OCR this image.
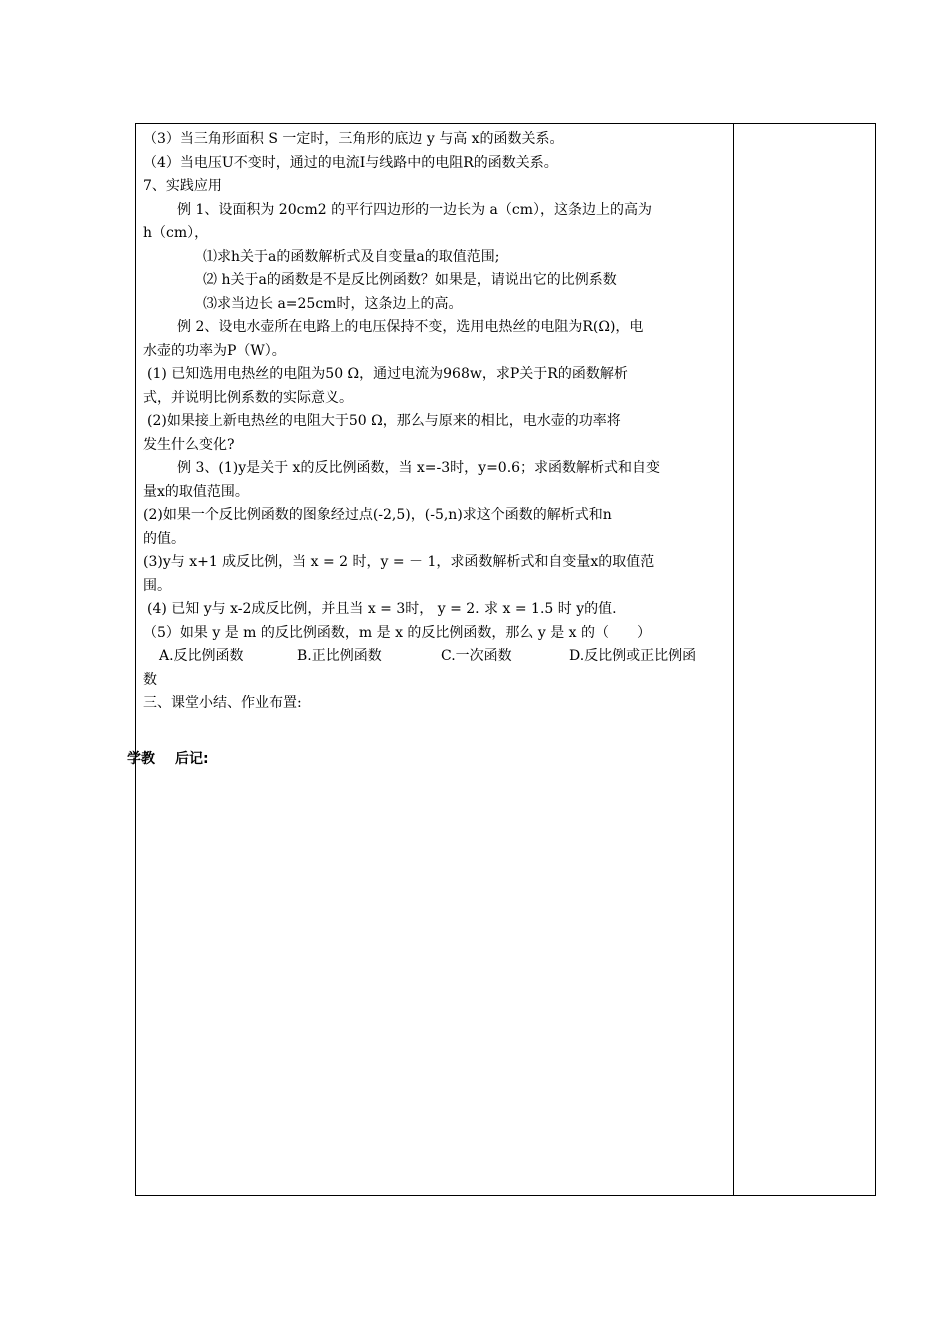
（3）当三角形面积 S 一定时，三角形的底边 y 与高 x的函数关系。
（4）当电压U不变时，通过的电流I与线路中的电阻R的函数关系。
7、实践应用
例 1、设面积为 20cm2 的平行四边形的一边长为 a（cm），这条边上的高为
h（cm），
⑴求h关于a的函数解析式及自变量a的取值范围;
⑵ h关于a的函数是不是反比例函数？如果是，请说出它的比例系数
⑶求当边长 a=25cm时，这条边上的高。
例 2、设电水壶所在电路上的电压保持不变，选用电热丝的电阻为R(Ω)，电
水壶的功率为P（W）。
(1) 已知选用电热丝的电阻为50 Ω，通过电流为968w，求P关于R的函数解析
式，并说明比例系数的实际意义。
(2)如果接上新电热丝的电阻大于50 Ω，那么与原来的相比，电水壶的功率将
发生什么变化?
例 3、(1)y是关于 x的反比例函数，当 x=-3时，y=0.6；求函数解析式和自变
量x的取值范围。
(2)如果一个反比例函数的图象经过点(-2,5)，(-5,n)求这个函数的解析式和n
的值。
(3)y与 x+1 成反比例，当 x = 2 时，y = － 1，求函数解析式和自变量x的取值范
围。
(4) 已知 y与 x-2成反比例，并且当 x = 3时， y = 2. 求 x = 1.5 时 y的值.
（5）如果 y 是 m 的反比例函数，m 是 x 的反比例函数，那么 y 是 x 的（　　）
A.反比例函数	B.正比例函数	C.一次函数	D.反比例或正比例函
数
三、课堂小结、作业布置:
学教 后记:
